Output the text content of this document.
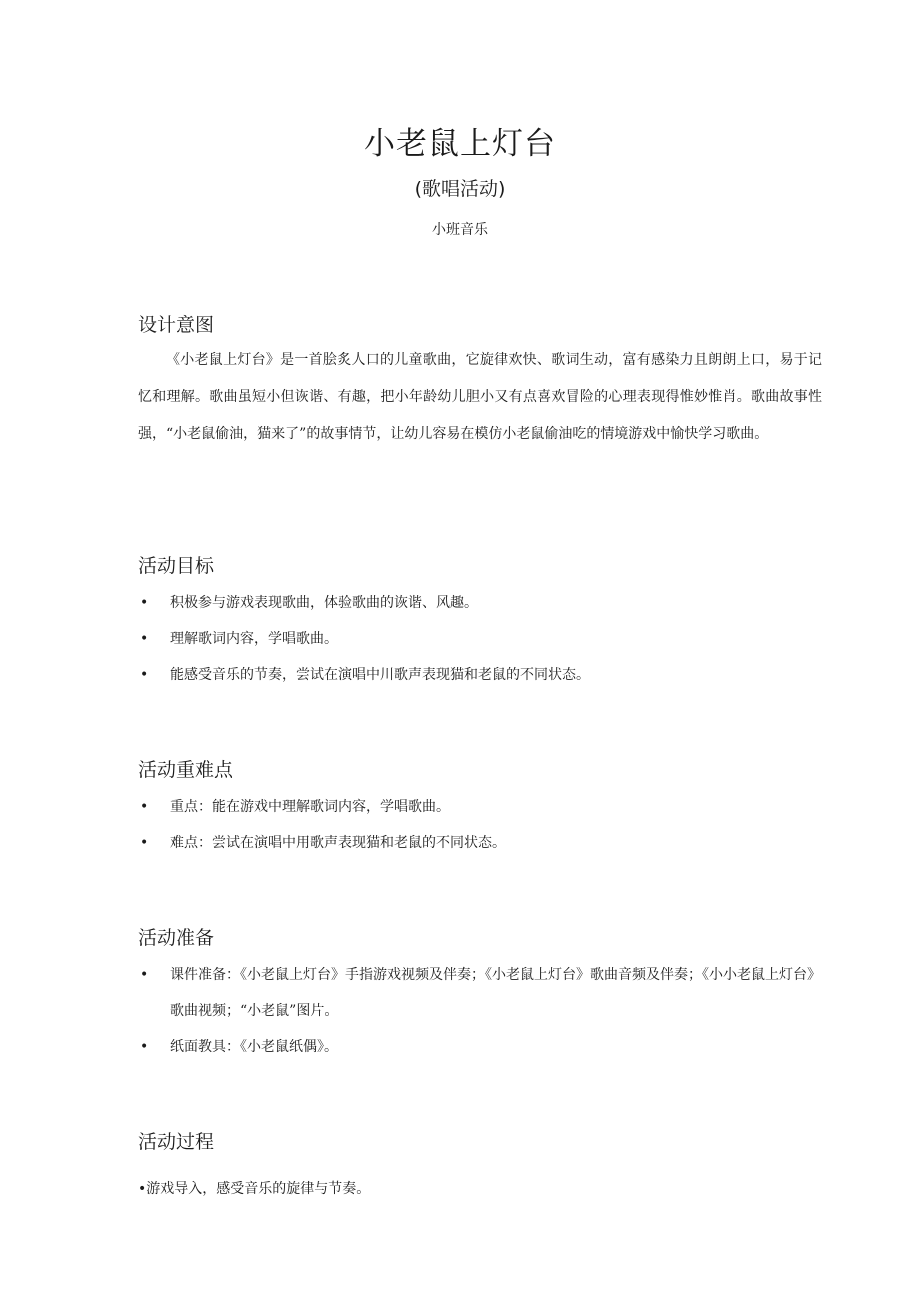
小老鼠上灯台
(歌唱活动)
小班音乐
设计意图

《小老鼠上灯台》是一首脍炙人口的儿童歌曲，它旋律欢快、歌词生动，富有感染力且朗朗上口，易于记忆和理解。歌曲虽短小但诙谐、有趣，把小年龄幼儿胆小又有点喜欢冒险的心理表现得惟妙惟肖。歌曲故事性强，“小老鼠偷油，猫来了”的故事情节，让幼儿容易在模仿小老鼠偷油吃的情境游戏中愉快学习歌曲。

活动目标
• 积极参与游戏表现歌曲，体验歌曲的诙谐、风趣。
• 理解歌词内容，学唱歌曲。
• 能感受音乐的节奏，尝试在演唱中川歌声表现猫和老鼠的不同状态。
活动重难点
• 重点：能在游戏中理解歌词内容，学唱歌曲。
• 难点：尝试在演唱中用歌声表现猫和老鼠的不同状态。
活动准备
• 课件准备：《小老鼠上灯台》手指游戏视频及伴奏；《小老鼠上灯台》歌曲音频及伴奏；《小小老鼠上灯台》歌曲视频；“小老鼠”图片。
• 纸面教具：《小老鼠纸偶》。
活动过程

•游戏导入，感受音乐的旋律与节奏。
